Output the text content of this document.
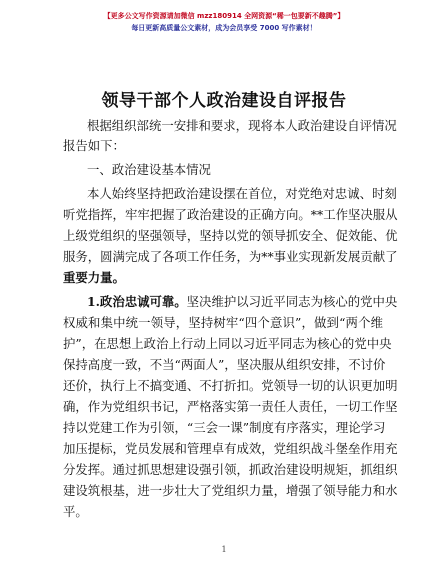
【更多公文写作资源请加微信 mzz180914 全网资源“稀一包要新不趣腾”】
每日更新高质量公文素材，成为会员享受 7000 写作素材！
领导干部个人政治建设自评报告
根据组织部统一安排和要求，现将本人政治建设自评情况
报告如下：
一、政治建设基本情况
本人始终坚持把政治建设摆在首位，对党绝对忠诚、时刻
听党指挥，牢牢把握了政治建设的正确方向。**工作坚决服从
上级党组织的坚强领导，坚持以党的领导抓安全、促效能、优
服务，圆满完成了各项工作任务，为**事业实现新发展贡献了
重要力量。
1.政治忠诚可靠。 坚决维护以习近平同志为核心的党中央
权威和集中统一领导，坚持树牢“四个意识”，做到“两个维
护”，在思想上政治上行动上同以习近平同志为核心的党中央
保持高度一致，不当“两面人”，坚决服从组织安排，不讨价
还价，执行上不搞变通、不打折扣。党领导一切的认识更加明
确，作为党组织书记，严格落实第一责任人责任，一切工作坚
持以党建工作为引领，“三会一课”制度有序落实，理论学习
加压提标，党员发展和管理卓有成效，党组织战斗堡垒作用充
分发挥。通过抓思想建设强引领，抓政治建设明规矩，抓组织
建设筑根基，进一步壮大了党组织力量，增强了领导能力和水
平。
1
